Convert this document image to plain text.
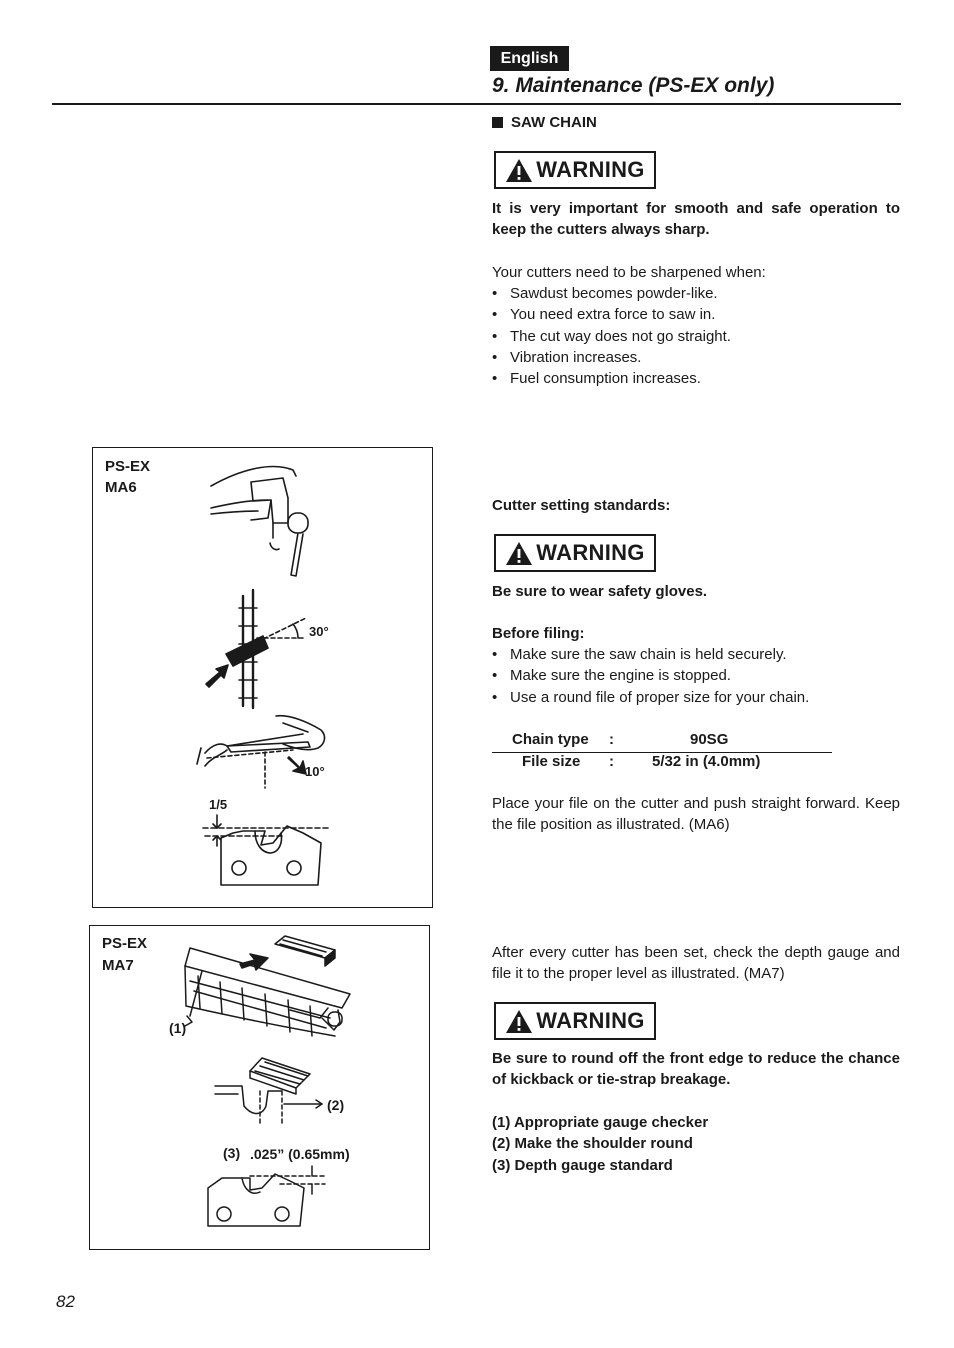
English
9. Maintenance (PS-EX only)
SAW CHAIN
WARNING
It is very important for smooth and safe operation to keep the cutters always sharp.
Your cutters need to be sharpened when:
• Sawdust becomes powder-like.
• You need extra force to saw in.
• The cut way does not go straight.
• Vibration increases.
• Fuel consumption increases.
Cutter setting standards:
WARNING
Be sure to wear safety gloves.
Before filing:
• Make sure the saw chain is held securely.
• Make sure the engine is stopped.
• Use a round file of proper size for your chain.
Chain type :	90SG
File size :	5/32 in (4.0mm)
Place your file on the cutter and push straight forward. Keep the file position as illustrated. (MA6)
After every cutter has been set, check the depth gauge and file it to the proper level as illustrated. (MA7)
WARNING
Be sure to round off the front edge to reduce the chance of kickback or tie-strap breakage.
(1) Appropriate gauge checker
(2) Make the shoulder round
(3) Depth gauge standard
PS-EX
MA6
30°
10°
1/5
PS-EX
MA7
(1)
(2)
(3) .025” (0.65mm)
82
